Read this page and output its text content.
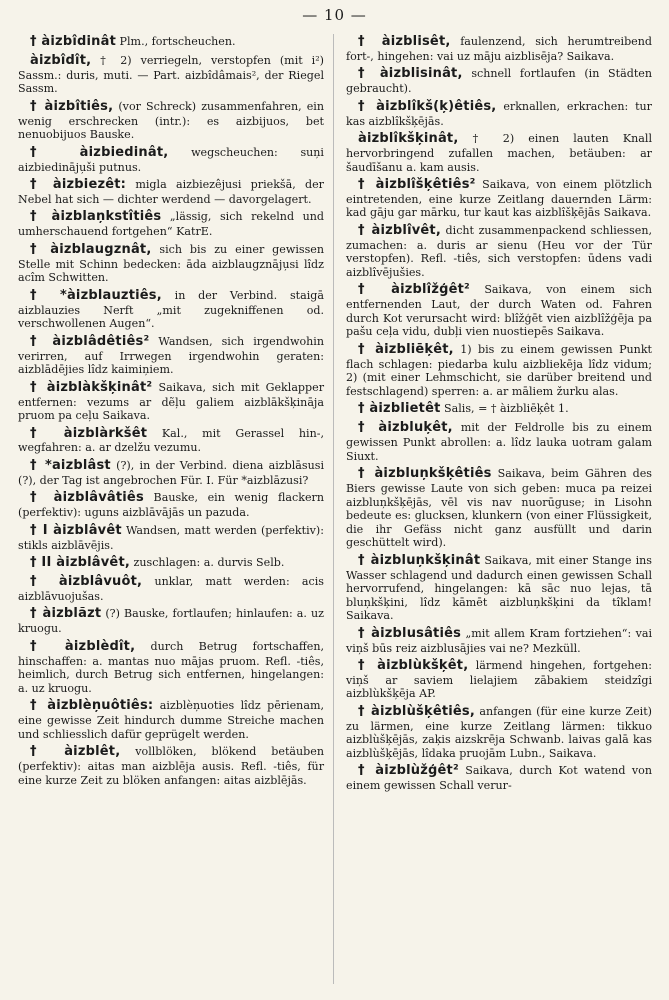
— 10 —

† àizbîdinât Plm., fortscheuchen.

àizbîdît, † 2) verriegeln, verstopfen (mit i²) Sassm.: duris, muti. — Part. aizbîdâmais², der Riegel Sassm.

† àizbîtiês, (vor Schreck) zusammenfahren, ein wenig erschrecken (intr.): es aizbijuos, bet nenuobijuos Bauske.

† àizbiedinât, wegscheuchen: suņi aizbiedināju̦ši putnus.

† àizbiezêt: migla aizbiezêjusi priekšā, der Nebel hat sich — dichter werdend — davorgelagert.

† àizblaņkstîtiês „lässig, sich rekelnd und umherschauend fortgehen“ KatrE.

† àizblaugznât, sich bis zu einer gewissen Stelle mit Schinn bedecken: āda aizblaugznāju̦si lîdz acîm Schwitten.

† *àizblauztiês, in der Verbind. staigā aizblauzies Nerft „mit zugekniffenen od. verschwollenen Augen“.

† àizblâdêtiês² Wandsen, sich irgendwohin verirren, auf Irrwegen irgendwohin geraten: aizblādējies lîdz kaimiņiem.

† àizblàkšķinât² Saikava, sich mit Geklapper entfernen: vezums ar dẽļu galiem aizblākšķināja pruom pa ceļu Saikava.

† àizblàrkšêt Kal., mit Gerassel hin-, wegfahren: a. ar dzelžu vezumu.

† *aizblâst (?), in der Verbind. diena aizblāsusi (?), der Tag ist angebrochen Für. I. Für *aizblāzusi?

† àizblâvâtiês Bauske, ein wenig flackern (perfektiv): uguns aizblāvājās un pazuda.

† I àizblâvêt Wandsen, matt werden (perfektiv): stikls aizblāvējis.

† II àizblâvêt, zuschlagen: a. durvis Selb.

† àizblâvuôt, unklar, matt werden: acis aizblāvuojušas.

† àizblãzt (?) Bauske, fortlaufen; hinlaufen: a. uz kruogu.

† àizblèdît, durch Betrug fortschaffen, hinschaffen: a. mantas nuo mājas pruom. Refl. -tiês, heimlich, durch Betrug sich entfernen, hingelangen: a. uz kruogu.

† àizblèņuôtiês: aizblèņuoties lîdz pērienam, eine gewisse Zeit hindurch dumme Streiche machen und schliesslich dafür geprügelt werden.

† àizblêt, vollblöken, blökend betäuben (perfektiv): aitas man aizblēja ausis. Refl. -tiês, für eine kurze Zeit zu blöken anfangen: aitas aizblējās.

† àizblisêt, faulenzend, sich herumtreibend fort-, hingehen: vai uz māju aizblisēja? Saikava.

† àizblisinât, schnell fortlaufen (in Städten gebraucht).

† àizblîkš(ķ)êtiês, erknallen, erkrachen: tur kas aizblîkšķējās.

àizblîkšķinât, † 2) einen lauten Knall hervorbringend zufallen machen, betäuben: ar šaudīšanu a. kam ausis.

† àizblîšķêtiês² Saikava, von einem plötzlich eintretenden, eine kurze Zeitlang dauernden Lärm: kad gāju gar mārku, tur kaut kas aizblîšķējās Saikava.

† àizblîvêt, dicht zusammenpackend schliessen, zumachen: a. duris ar sienu (Heu vor der Tür verstopfen). Refl. -tiês, sich verstopfen: ūdens vadi aizblîvējušies.

† àizblîžģêt² Saikava, von einem sich entfernenden Laut, der durch Waten od. Fahren durch Kot verursacht wird: blîžģēt vien aizblîžģēja pa pašu ceļa vidu, dubļi vien nuostiepēs Saikava.

† àizbliēķêt, 1) bis zu einem gewissen Punkt flach schlagen: piedarba kulu aizbliekēja lîdz vidum; 2) (mit einer Lehmschicht, sie darüber breitend und festschlagend) sperren: a. ar māliem žurku alas.

† àizblietêt Salis, = † àizbliēķêt 1.

† àizbluķêt, mit der Feldrolle bis zu einem gewissen Punkt abrollen: a. lîdz lauka uotram galam Siuxt.

† àizbluņkšķêtiês Saikava, beim Gähren des Biers gewisse Laute von sich geben: muca pa reizei aizbluņkšķējās, vēl vis nav nuorūguse; in Lisohn bedeute es: glucksen, klunkern (von einer Flüssigkeit, die ihr Gefäss nicht ganz ausfüllt und darin geschüttelt wird).

† àizbluņkšķinât Saikava, mit einer Stange ins Wasser schlagend und dadurch einen gewissen Schall hervorrufend, hingelangen: kā sāc nuo lejas, tā bluņkšķini, lîdz kāmēt aizbluņkšķini da tîklam! Saikava.

† àizblusâtiês „mit allem Kram fortziehen“: vai viņš būs reiz aizblusājies vai ne? Mezküll.

† àizblùkšķêt, lärmend hingehen, fortgehen: viņš ar saviem lielajiem zābakiem steidzîgi aizblùkšķēja AP.

† àizblùšķêtiês, anfangen (für eine kurze Zeit) zu lärmen, eine kurze Zeitlang lärmen: tikkuo aizblùšķējās, zaķis aizskrēja Schwanb. laivas galā kas aizblùšķējās, lîdaka pruojām Lubn., Saikava.

† àizblùžģêt² Saikava, durch Kot watend von einem gewissen Schall verur-
